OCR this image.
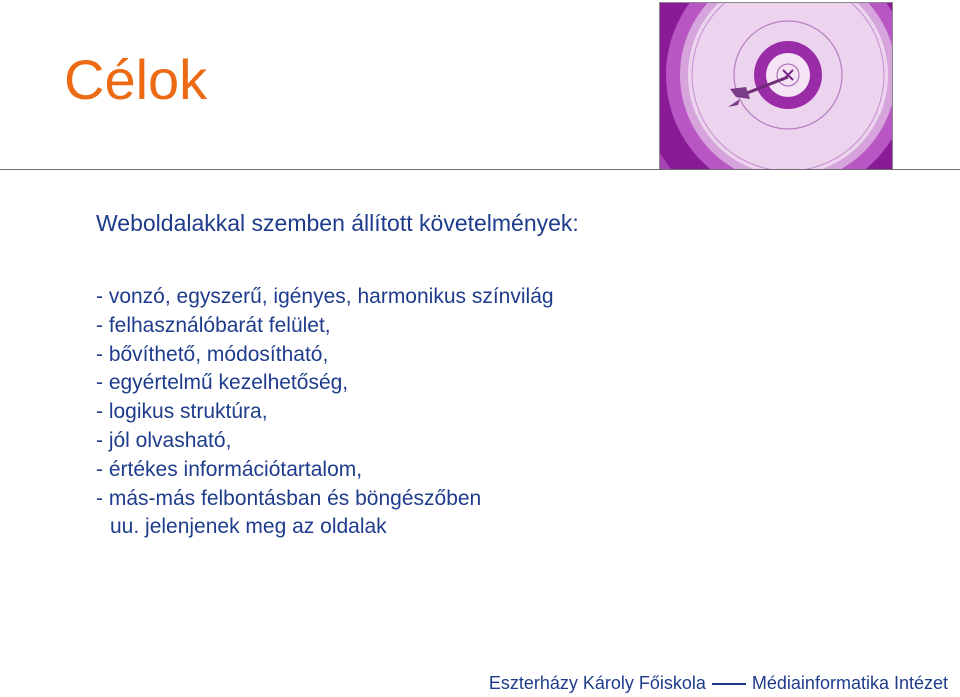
Célok
Weboldalakkal szemben állított követelmények:
- vonzó, egyszerű, igényes, harmonikus színvilág
- felhasználóbarát felület,
- bővíthető, módosítható,
- egyértelmű kezelhetőség,
- logikus struktúra,
- jól olvasható,
- értékes információtartalom,
- más-más felbontásban és böngészőben
uu. jelenjenek meg az oldalak
Eszterházy Károly Főiskola	Médiainformatika Intézet
